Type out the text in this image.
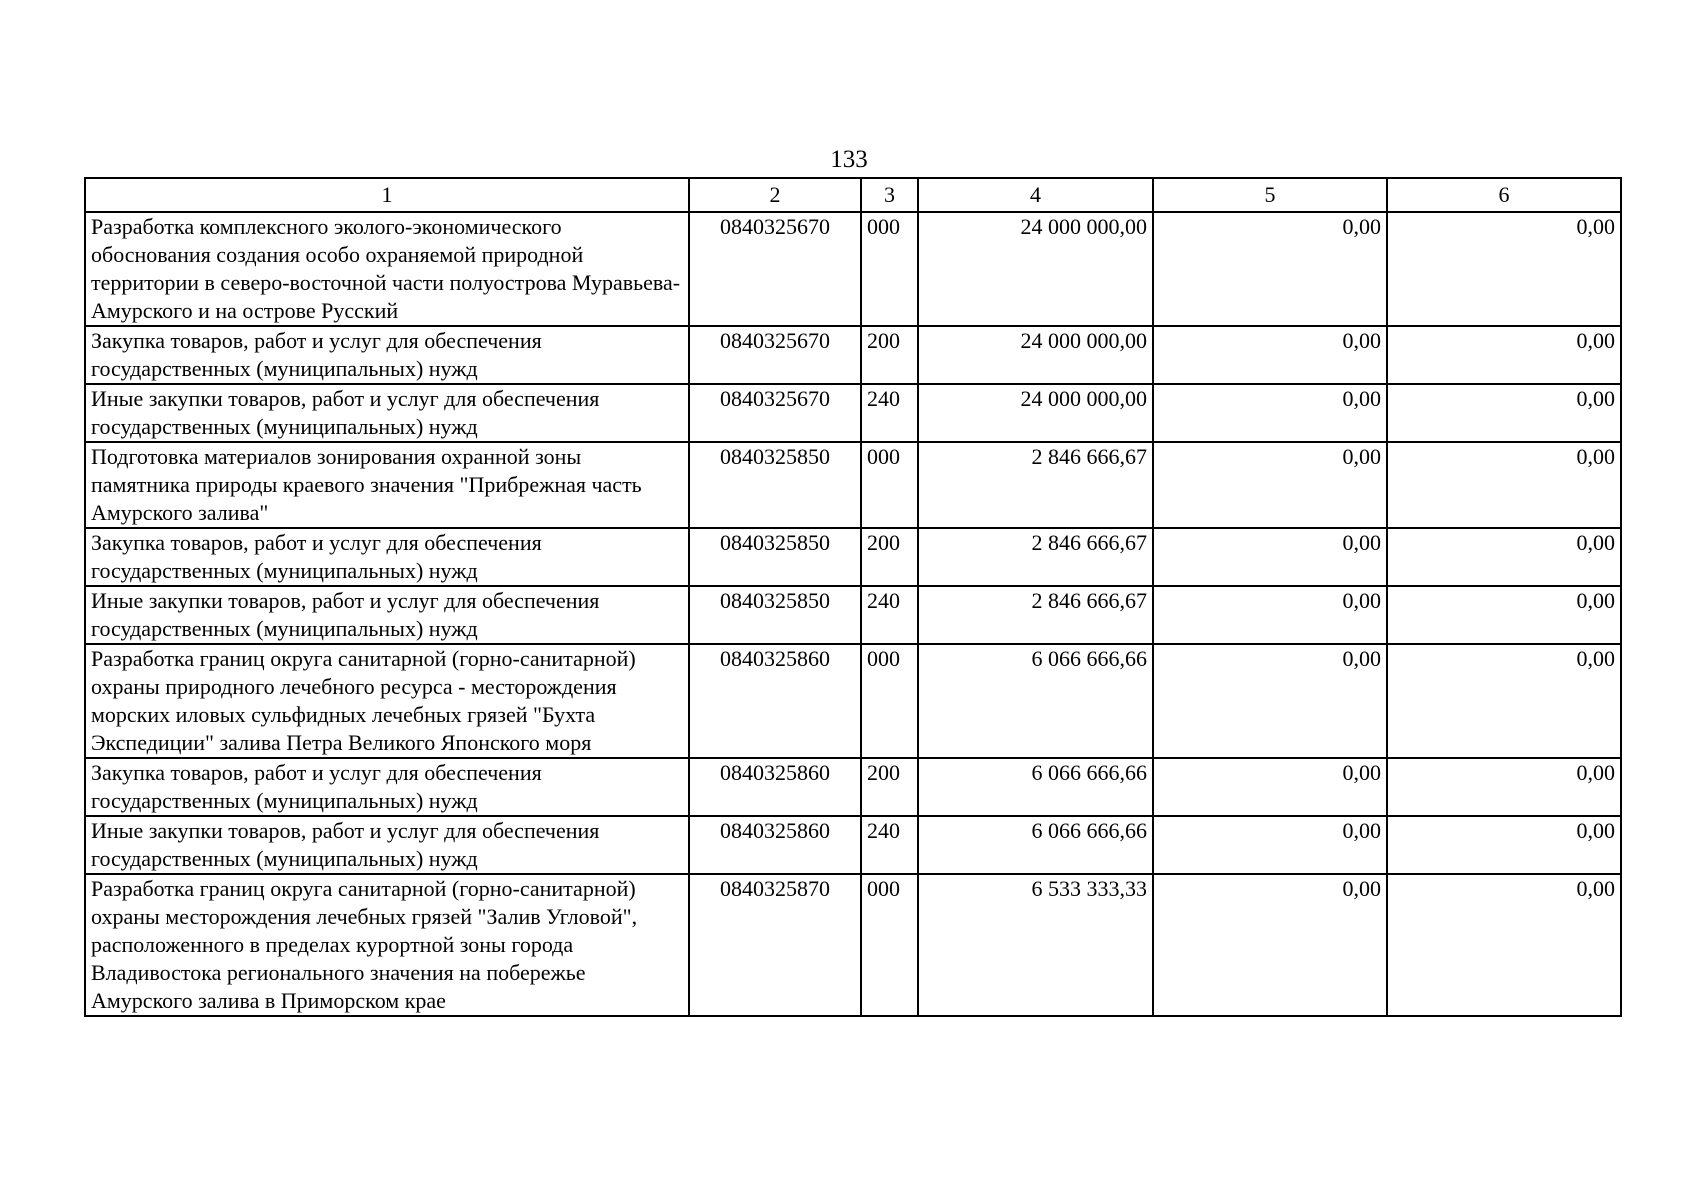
133
1	2	3	4	5	6
Разработка комплексного эколого-экономического обоснования создания особо охраняемой природной территории в северо-восточной части полуострова Муравьева-Амурского и на острове Русский	0840325670	000	24 000 000,00	0,00	0,00
Закупка товаров, работ и услуг для обеспечения государственных (муниципальных) нужд	0840325670	200	24 000 000,00	0,00	0,00
Иные закупки товаров, работ и услуг для обеспечения государственных (муниципальных) нужд	0840325670	240	24 000 000,00	0,00	0,00
Подготовка материалов зонирования охранной зоны памятника природы краевого значения "Прибрежная часть Амурского залива"	0840325850	000	2 846 666,67	0,00	0,00
Закупка товаров, работ и услуг для обеспечения государственных (муниципальных) нужд	0840325850	200	2 846 666,67	0,00	0,00
Иные закупки товаров, работ и услуг для обеспечения государственных (муниципальных) нужд	0840325850	240	2 846 666,67	0,00	0,00
Разработка границ округа санитарной (горно-санитарной) охраны природного лечебного ресурса - месторождения морских иловых сульфидных лечебных грязей "Бухта Экспедиции" залива Петра Великого Японского моря	0840325860	000	6 066 666,66	0,00	0,00
Закупка товаров, работ и услуг для обеспечения государственных (муниципальных) нужд	0840325860	200	6 066 666,66	0,00	0,00
Иные закупки товаров, работ и услуг для обеспечения государственных (муниципальных) нужд	0840325860	240	6 066 666,66	0,00	0,00
Разработка границ округа санитарной (горно-санитарной) охраны месторождения лечебных грязей "Залив Угловой", расположенного в пределах курортной зоны города Владивостока регионального значения на побережье Амурского залива в Приморском крае	0840325870	000	6 533 333,33	0,00	0,00
